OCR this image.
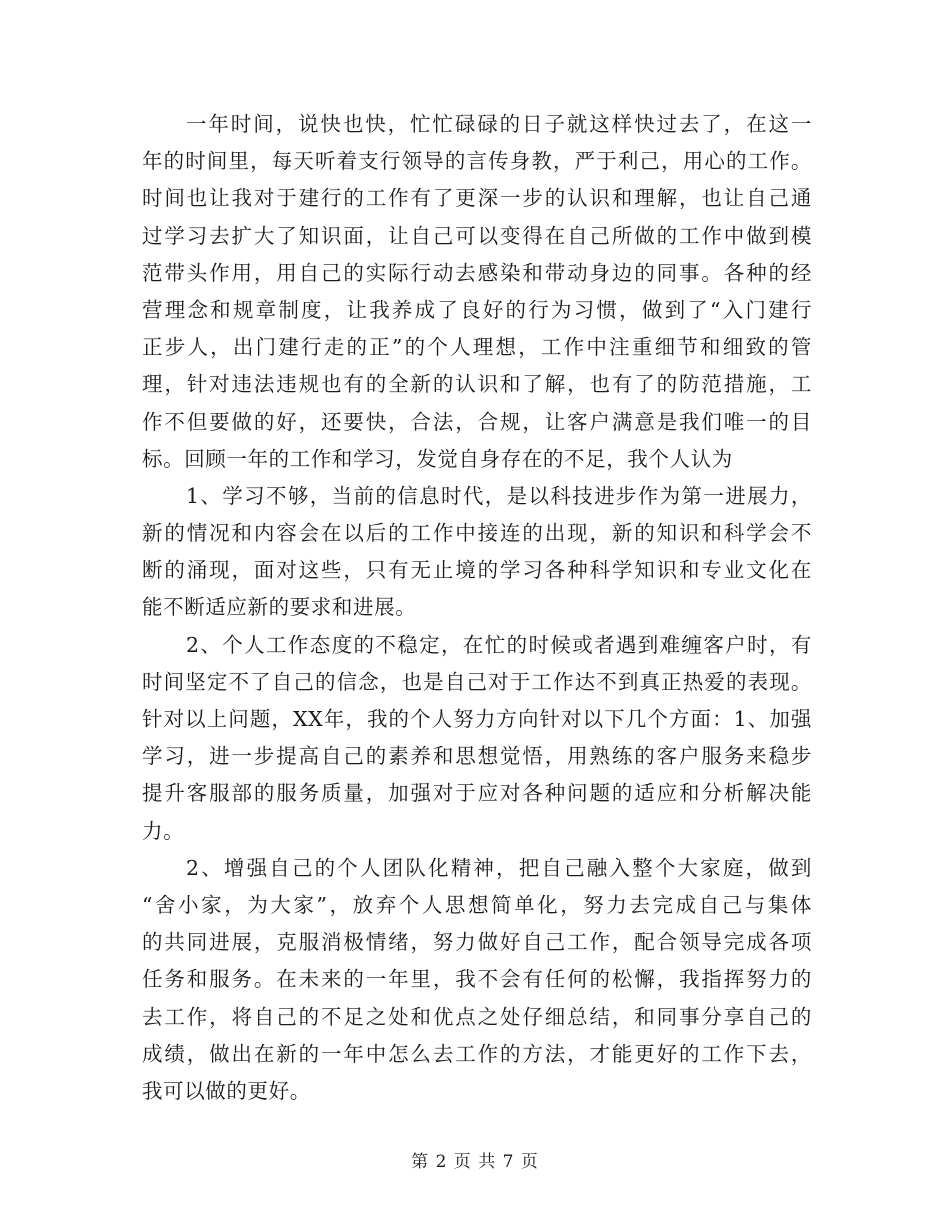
一年时间，说快也快，忙忙碌碌的日子就这样快过去了，在这一
年的时间里，每天听着支行领导的言传身教，严于利己，用心的工作。
时间也让我对于建行的工作有了更深一步的认识和理解，也让自己通
过学习去扩大了知识面，让自己可以变得在自己所做的工作中做到模
范带头作用，用自己的实际行动去感染和带动身边的同事。各种的经
营理念和规章制度，让我养成了良好的行为习惯，做到了“入门建行
正步人，出门建行走的正”的个人理想，工作中注重细节和细致的管
理，针对违法违规也有的全新的认识和了解，也有了的防范措施，工
作不但要做的好，还要快，合法，合规，让客户满意是我们唯一的目
标。回顾一年的工作和学习，发觉自身存在的不足，我个人认为

1、学习不够，当前的信息时代，是以科技进步作为第一进展力，
新的情况和内容会在以后的工作中接连的出现，新的知识和科学会不
断的涌现，面对这些，只有无止境的学习各种科学知识和专业文化在
能不断适应新的要求和进展。

2、个人工作态度的不稳定，在忙的时候或者遇到难缠客户时，有
时间坚定不了自己的信念，也是自己对于工作达不到真正热爱的表现。
针对以上问题，XX年，我的个人努力方向针对以下几个方面：1、加强
学习，进一步提高自己的素养和思想觉悟，用熟练的客户服务来稳步
提升客服部的服务质量，加强对于应对各种问题的适应和分析解决能
力。

2、增强自己的个人团队化精神，把自己融入整个大家庭，做到
“舍小家，为大家”，放弃个人思想简单化，努力去完成自己与集体
的共同进展，克服消极情绪，努力做好自己工作，配合领导完成各项
任务和服务。在未来的一年里，我不会有任何的松懈，我指挥努力的
去工作，将自己的不足之处和优点之处仔细总结，和同事分享自己的
成绩，做出在新的一年中怎么去工作的方法，才能更好的工作下去，
我可以做的更好。

第 2 页 共 7 页
